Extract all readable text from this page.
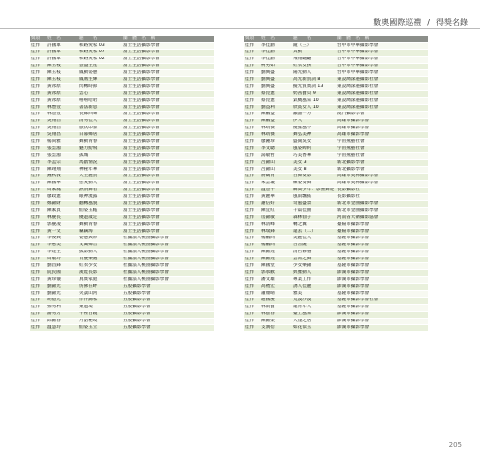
數奧國際巡禮 / 得獎名錄
獎項	姓　名	題　　名	團　體　名　稱
佳作	許國軍	和路愛家 03	富士生活攝影學會
佳作	許國軍	和路愛家 07	富士生活攝影學會
佳作	許國軍	和路愛家 02	富士生活攝影學會
佳作	陳玉枝	豐盛生產	富士生活攝影學會
佳作	陳玉枝	鳳動姿態	富士生活攝影學會
佳作	陳玉枝	鳳凰生輝	富士生活攝影學會
佳作	黃冰原	閃轉時節	富士生活攝影學會
佳作	黃冰原	雲心	富士生活攝影學會
佳作	黃冰原	嘻嘻哈哈	富士生活攝影學會
佳作	林豐壹	書法新思	富士生活攝影學會
佳作	林豐壹	長廊回聲	富士生活攝影學會
佳作	吳翔昌	清秀佳人	富士生活攝影學會
佳作	吳翔昌	旅次印象	富士生活攝影學會
佳作	吳翔昌	日暮鄉居	富士生活攝影學會
佳作	楊尚雅	舞動青春	富士生活攝影學會
佳作	張雲鴻	魅力紛飛	富士生活攝影學會
佳作	張雲鴻	孤城	富士生活攝影學會
佳作	李孟宗	馬戲情況	富士生活攝影學會
佳作	陳翊翔	神秘年華	富士生活攝影學會
佳作	鍾秋義	天生麗質	富士生活攝影學會
佳作	陳國華	慈愛動人	富士生活攝影學會
佳作	周素鳳	熱情舞者	富士生活攝影學會
佳作	廖政憲	眼神流露	富士生活攝影學會
佳作	鄭錦財	翻轉風貌	富士生活攝影學會
佳作	陳素貞	仙姿玉帳	富士生活攝影學會
佳作	林慶長	優遊歲定	富士生活攝影學會
佳作	郭慶凌	舞動青春	富士生活攝影學會
佳作	黃一文	竊竊海	富士生活攝影學會
佳作	李俊興	姿態與妙	社團法人桃園攝影學會
佳作	李惠美	又聞鄉音	社團法人桃園攝影學會
佳作	李建生	孤影動人	社團法人桃園攝影學會
佳作	周敏玲	肯慶樂處	社團法人桃園攝影學會
佳作	劉昌鋒	紅衣少女	社團法人桃園攝影學會
佳作	阮民國	羨娃長影	社團法人桃園攝影學會
佳作	黃珍儀	真實家庭	社團法人桃園攝影學會
佳作	劉錦光	仿佛在畔	五股攝影學會
佳作	劉錦光	笑談山河	五股攝影學會
佳作	胡德光	作伴歸家	五股攝影學會
佳作	孫秀利	東過境	五股攝影學會
佳作	潘秀芳	千裡百鏡	五股攝影學會
佳作	邱錦春	月語秘境	五股攝影學會
佳作	溫慧玲	仙姿玉立	五股攝影學會
獎項	姓　名	題　　名	團　體　名　稱
佳作	李佳勳	鏡（三）	台中市中華攝影學會
佳作	李佳勳	冥動	台中市中華攝影學會
佳作	李佳勳	飛翔翩翩	台中市中華攝影學會
佳作	柯男如	紅衣女孩	台中市中華攝影學會
佳作	劉興盛	陽光動人	台中市中華攝影學會
佳作	劉興盛	高光新質詞 8	東設灣深港攝影社會
佳作	劉興盛	擬光質實詞 13	東設灣深港攝影社會
佳作	蔡昆憲	奶茜寶貝 9	東設灣深港攝影社會
佳作	蔡昆憲	氣概風采 10	東設灣深港攝影社會
佳作	劉益利	欣賞女人 10	東設灣深港攝影社會
佳作	陳鵬益	瀬漁一方	澳門攝影學會
佳作	陳鵬益	伊人	高雄市攝影學會
佳作	林靖傑	優雅風不	高雄市攝影學會
佳作	林靖傑	舞弘美神	高雄市攝影學會
佳作	廖鍾珍	盛開吳女	宇宙燕藝社會
佳作	李文聰	風姿綽約	宇宙燕藝社會
佳作	湯敏哲	巧美香華	宇宙燕藝社會
佳作	呂錦山	美女 3	新北攝影學會
佳作	呂錦山	美女 8	新北攝影學會
佳作	蔣鶴青	目舞安影	高雄市奧林攝影學會
佳作	朱雲瓊	練姿奏舞	高雄市奧林攝影學會
佳作	溫豐平	瞬間少年：影響舞迎	長影攝影社
佳作	黃麗華	風雨飄搖	長影攝影社
佳作	謝信好	奇風盛景	新北市金曲攝影學會
佳作	陳宜紅	千篇佳曲	新北市金曲攝影學會
佳作	房錦敏	森林仙子	河南省大衛攝影協會
佳作	林清峰	轉之翼	臺陽市攝影學會
佳作	林瑞鋒	遠去（二）	臺陽市攝影學會
佳作	楊鵬尚	美麗佳人	基隆市攝影學會
佳作	楊鵬尚	古菩薩	基隆市攝影學會
佳作	陳錦煌	清哲修養	基隆市攝影學會
佳作	陳錦煌	雲霄之舞	基隆市攝影學會
佳作	陳國堂	少女樂錦	基隆市攝影學會
佳作	郭承歡	典雅動人	澎湖市攝影學會
佳作	潘文雄	專業工作	澎湖市攝影學會
佳作	高禮宏	誘人佳麗	澎湖市攝影學會
佳作	蕭顏晴	雅美	基隆市攝影學會
佳作	趙國慶	荒漠沙漠	基隆市攝影學會社會
佳作	林雨寶	遠青年人	基隆市攝影學會
佳作	林寶春	臺上風采	澎湖市攝影學會
佳作	陳錦榮	大蓬之居	澎湖市攝影學會
佳作	支潤衍	如花似玉	澎湖市攝影學會
205
